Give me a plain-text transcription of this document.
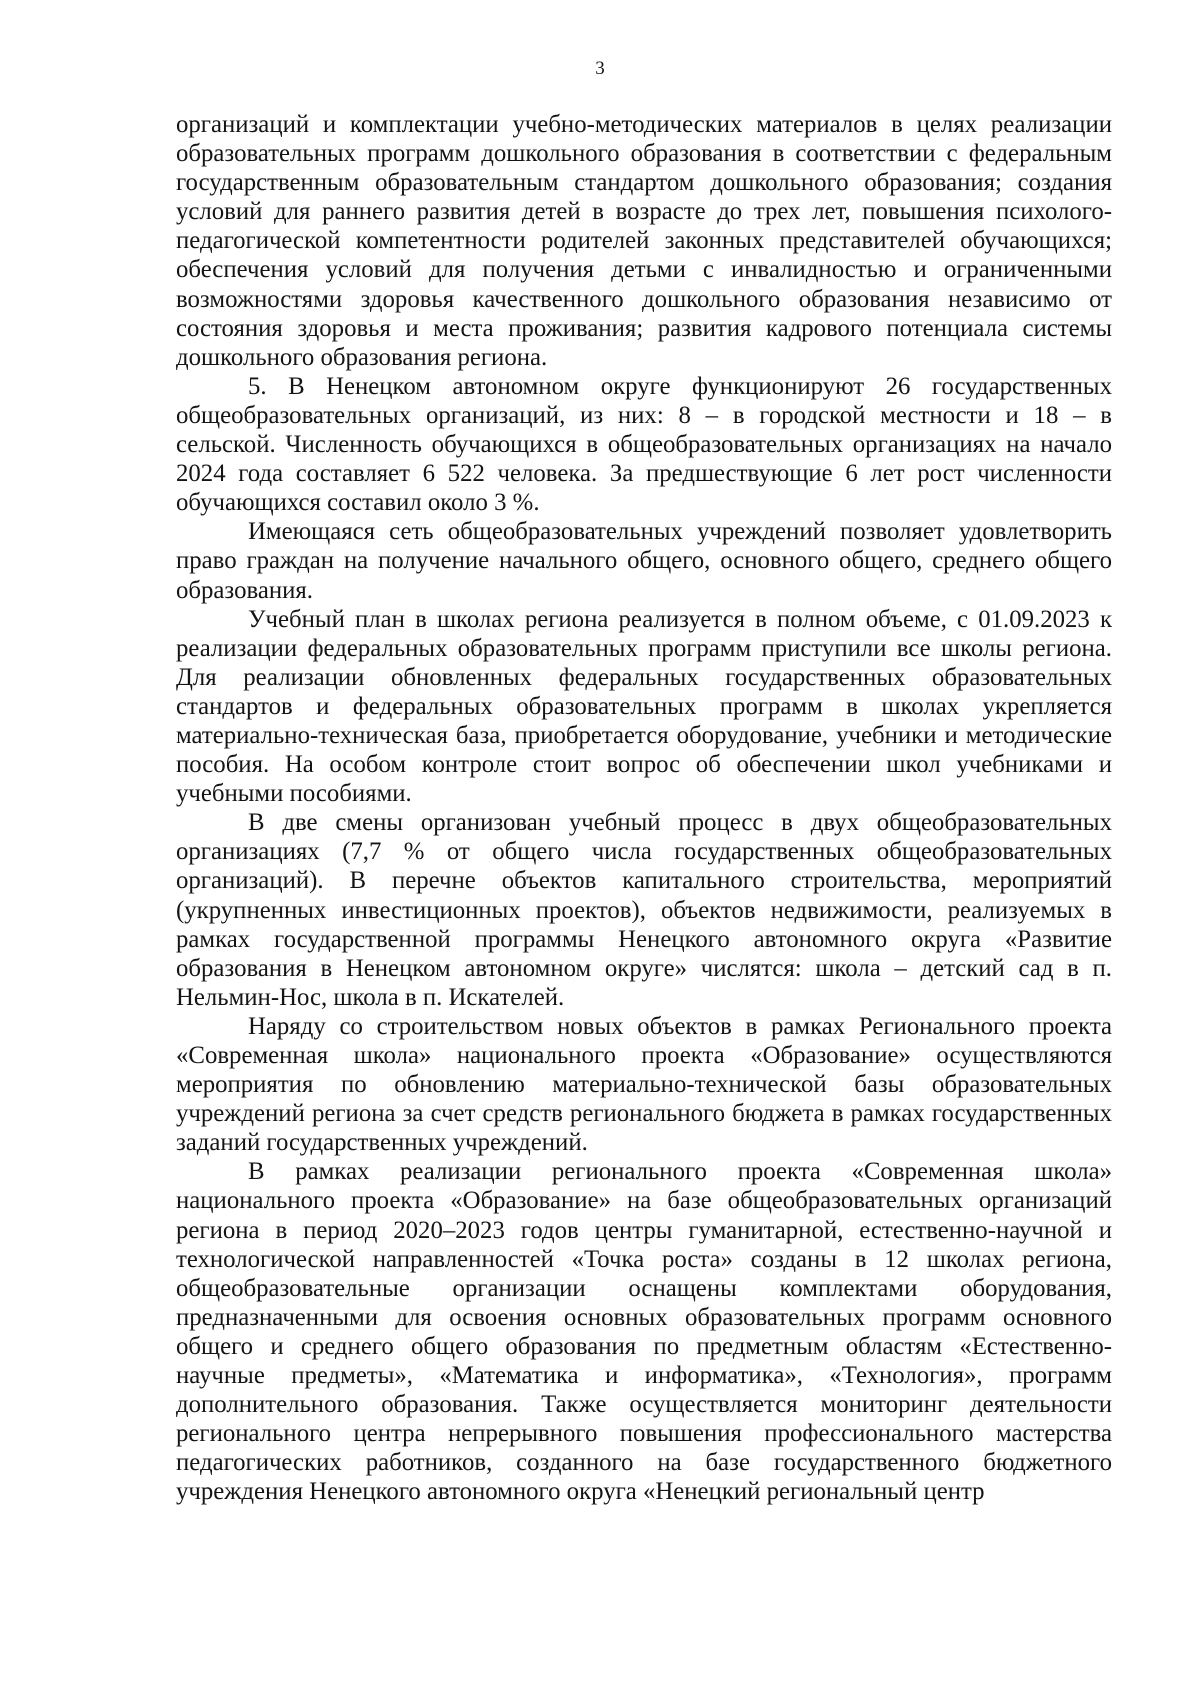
3

организаций и комплектации учебно-методических материалов в целях реализации образовательных программ дошкольного образования в соответствии с федеральным государственным образовательным стандартом дошкольного образования; создания условий для раннего развития детей в возрасте до трех лет, повышения психолого-педагогической компетентности родителей законных представителей обучающихся; обеспечения условий для получения детьми с инвалидностью и ограниченными возможностями здоровья качественного дошкольного образования независимо от состояния здоровья и места проживания; развития кадрового потенциала системы дошкольного образования региона.

5. В Ненецком автономном округе функционируют 26 государственных общеобразовательных организаций, из них: 8 – в городской местности и 18 – в сельской. Численность обучающихся в общеобразовательных организациях на начало 2024 года составляет 6 522 человека. За предшествующие 6 лет рост численности обучающихся составил около 3 %.

Имеющаяся сеть общеобразовательных учреждений позволяет удовлетворить право граждан на получение начального общего, основного общего, среднего общего образования.

Учебный план в школах региона реализуется в полном объеме, с 01.09.2023 к реализации федеральных образовательных программ приступили все школы региона. Для реализации обновленных федеральных государственных образовательных стандартов и федеральных образовательных программ в школах укрепляется материально-техническая база, приобретается оборудование, учебники и методические пособия. На особом контроле стоит вопрос об обеспечении школ учебниками и учебными пособиями.

В две смены организован учебный процесс в двух общеобразовательных организациях (7,7 % от общего числа государственных общеобразовательных организаций). В перечне объектов капитального строительства, мероприятий (укрупненных инвестиционных проектов), объектов недвижимости, реализуемых в рамках государственной программы Ненецкого автономного округа «Развитие образования в Ненецком автономном округе» числятся: школа – детский сад в п. Нельмин-Нос, школа в п. Искателей.

Наряду со строительством новых объектов в рамках Регионального проекта «Современная школа» национального проекта «Образование» осуществляются мероприятия по обновлению материально-технической базы образовательных учреждений региона за счет средств регионального бюджета в рамках государственных заданий государственных учреждений.

В рамках реализации регионального проекта «Современная школа» национального проекта «Образование» на базе общеобразовательных организаций региона в период 2020–2023 годов центры гуманитарной, естественно-научной и технологической направленностей «Точка роста» созданы в 12 школах региона, общеобразовательные организации оснащены комплектами оборудования, предназначенными для освоения основных образовательных программ основного общего и среднего общего образования по предметным областям «Естественно-научные предметы», «Математика и информатика», «Технология», программ дополнительного образования. Также осуществляется мониторинг деятельности регионального центра непрерывного повышения профессионального мастерства педагогических работников, созданного на базе государственного бюджетного учреждения Ненецкого автономного округа «Ненецкий региональный центр
